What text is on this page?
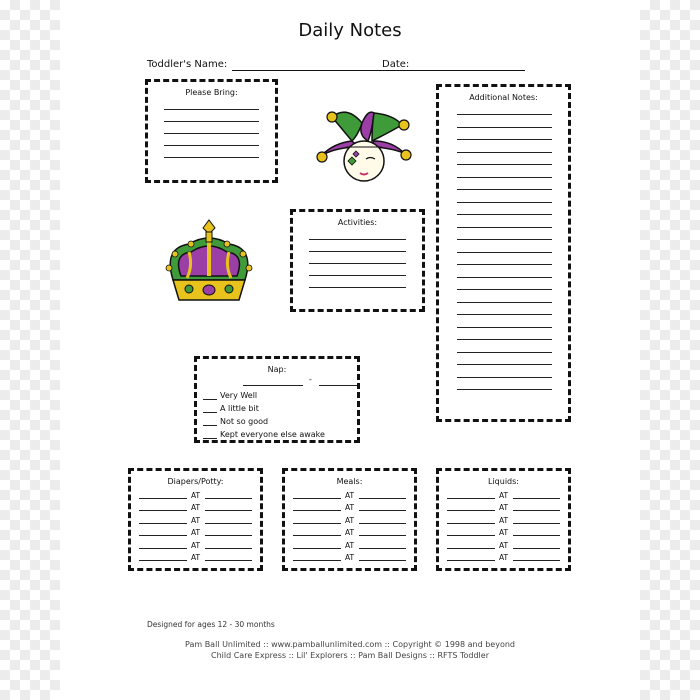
Daily Notes
Toddler's Name:	Date:
Please Bring:
Additional Notes:
Activities:
Nap:
-
Very Well
A little bit
Not so good
Kept everyone else awake
Diapers/Potty:
AT
AT
AT
AT
AT
AT
Meals:
AT
AT
AT
AT
AT
AT
Liquids:
AT
AT
AT
AT
AT
AT
Designed for ages 12 - 30 months
Pam Ball Unlimited :: www.pamballunlimited.com :: Copyright © 1998 and beyond
Child Care Express :: Lil' Explorers :: Pam Ball Designs :: RFTS Toddler
